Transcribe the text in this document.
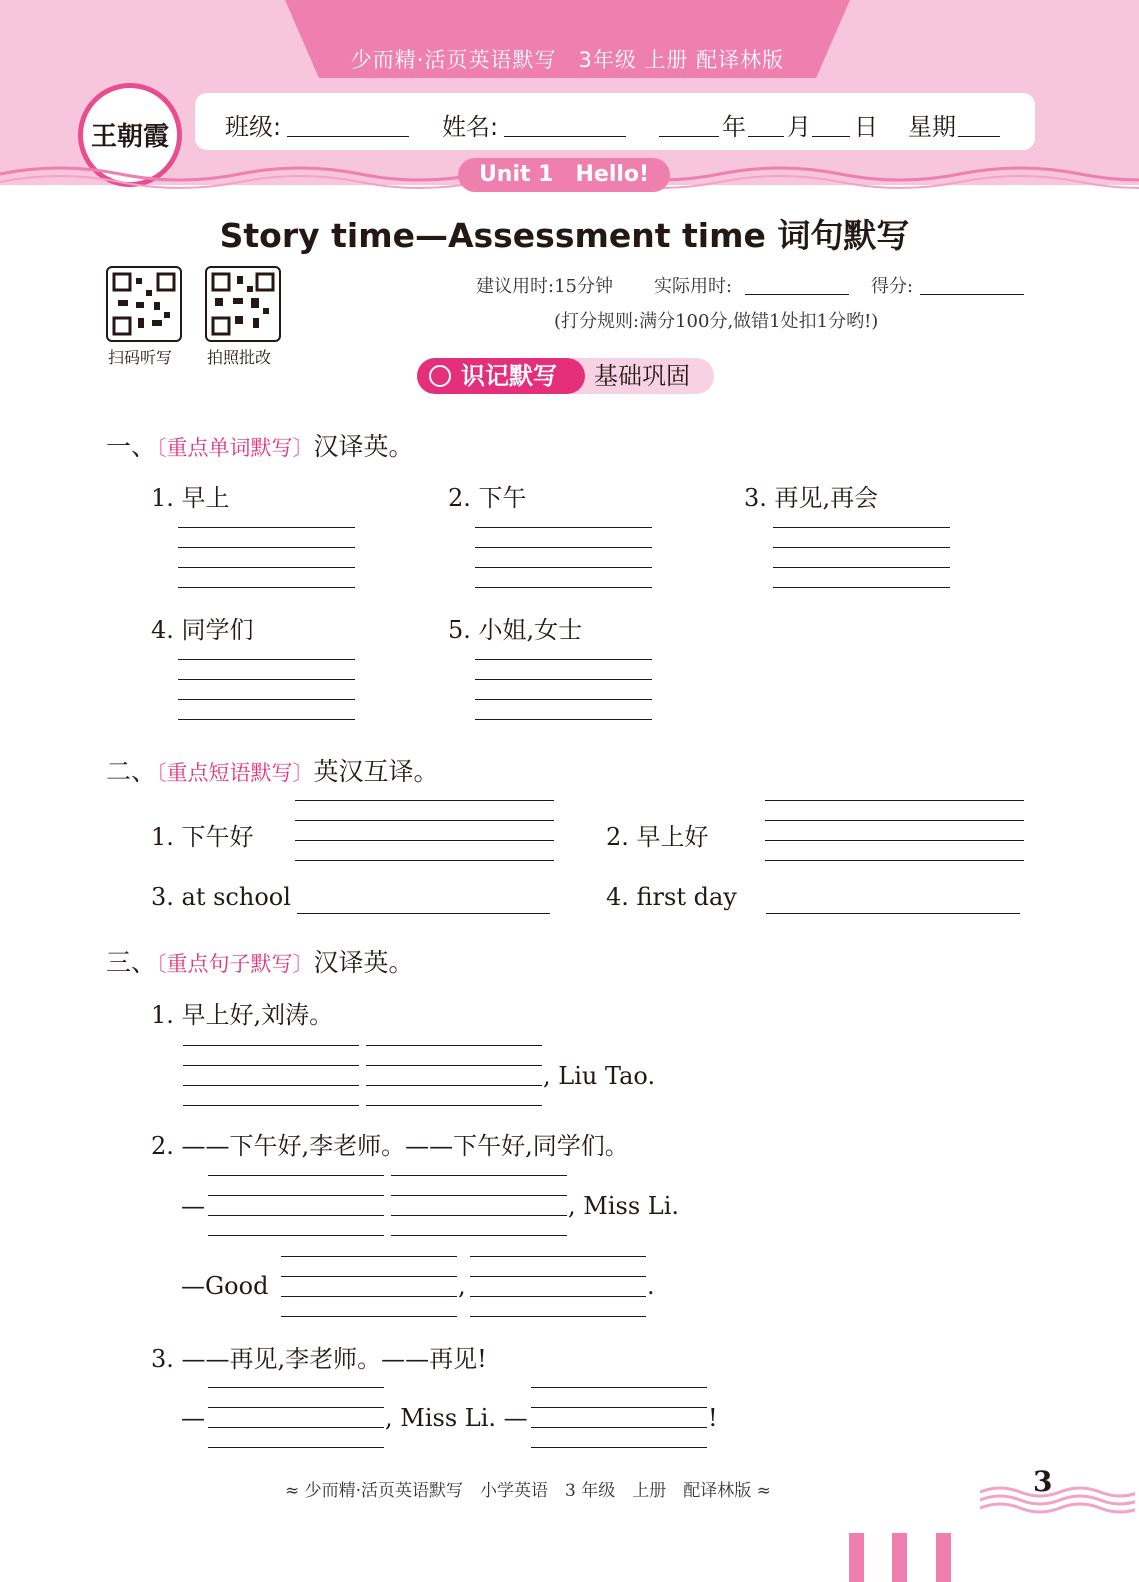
少而精·活页英语默写　3年级 上册 配译林版
王朝霞	班级:	姓名:	年 月 日 星期
Unit 1　Hello!
Story time—Assessment time 词句默写
扫码听写 拍照批改
建议用时:15分钟 实际用时:	得分:
(打分规则:满分100分,做错1处扣1分哟!)
识记默写	基础巩固
一、〔重点单词默写〕汉译英。
1. 早上	2. 下午	3. 再见,再会
4. 同学们	5. 小姐,女士
二、〔重点短语默写〕英汉互译。
1. 下午好	2. 早上好
3. at school	4. first day
三、〔重点句子默写〕汉译英。
1. 早上好,刘涛。
, Liu Tao.
2. ——下午好,李老师。——下午好,同学们。
—	, Miss Li.
—Good	,	.
3. ——再见,李老师。——再见!
—	, Miss Li. —	!
≈ 少而精·活页英语默写　小学英语　3 年级　上册　配译林版 ≈	3
